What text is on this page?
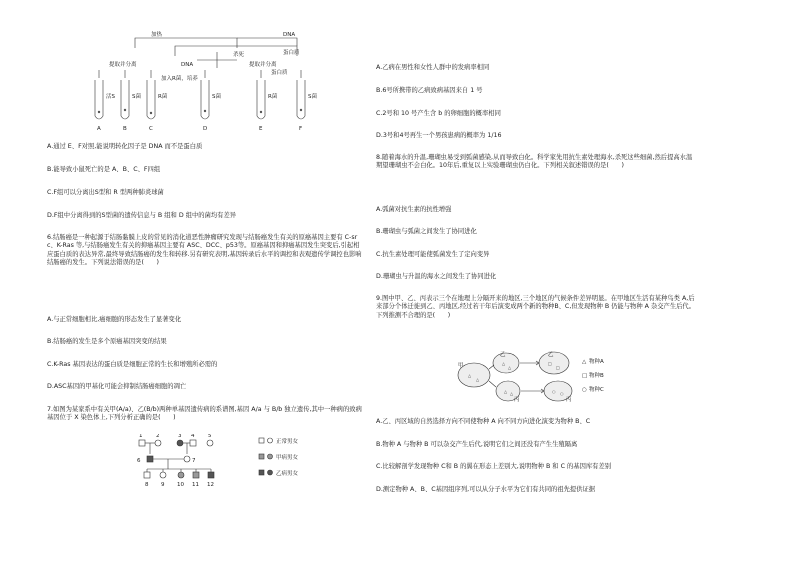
加热	DNA
杀死	蛋白质
提取并分离	提取并分离
DNA
蛋白质
活S	S菌	R菌	S菌	R菌	S菌
A	B	C	D	E	F
加入R菌，培养
A.通过 E、F对照,能说明转化因子是 DNA 而不是蛋白质
B.能导致小鼠死亡的是 A、B、C、F四组
C.F组可以分离出S型和 R 型两种肺炎球菌
D.F组中分离得到的S型菌的遗传信息与 B 组和 D 组中的菌均有差异
6.结肠癌是一种起源于结肠黏膜上皮的常见的消化道恶性肿瘤研究发现与结肠癌发生有关的原癌基因主要有 C-src、K-Ras 等,与结肠癌发生有关的抑癌基因主要有 ASC、DCC、p53等。原癌基因和抑癌基因发生突变后,引起相应蛋白质的表达异常,最终导致结肠癌的发生和转移.另有研究表明,基因转录后水平的调控和表观遗传学调控也影响结肠癌的发生。下列说法错误的是(　　)
A.与正常细胞相比,癌细胞的形态发生了显著变化
B.结肠癌的发生是多个原癌基因突变的结果
C.K-Ras 基因表达的蛋白质是细胞正常的生长和增殖所必需的
D.ASC基因的甲基化可能会抑制结肠癌细胞的凋亡
7.如图为某家系中有关甲(A/a)、乙(B/b)两种单基因遗传病的系谱图,基因 A/a 与 B/b 独立遗传,其中一种病的致病基因位于 X 染色体上,下列分析正确的是(　　)
1 2	3 4 5
6	7
8 9 10 11 12
正常男女
甲病男女
乙病男女
A.乙病在男性和女性人群中的发病率相同
B.6号所携带的乙病致病基因来自 1 号
C.2号和 10 号产生含 b 的卵细胞的概率相同
D.3号和4号再生一个男孩患病的概率为 1/16
8.随着海水的升温,珊瑚虫易受到弧菌感染,从而导致白化。科学家先用抗生素处理海水,杀死这些细菌,然后提高水温期望珊瑚虫不会白化。10年后,重复以上实验珊瑚虫仍白化。下列相关叙述错误的是(　　)
A.弧菌对抗生素的抗性增强
B.珊瑚虫与弧菌之间发生了协同进化
C.抗生素处理可能使弧菌发生了定向变异
D.珊瑚虫与升温的海水之间发生了协同进化
9.图中甲、乙、丙表示三个在地理上分隔开来的地区,三个地区的气候条件差异明显。在甲地区生活有某种鸟类 A,后来部分个体迁徙到乙、丙地区,经过若干年后演变成两个新的物种B、C,但发现物种 B 仍能与物种 A 杂交产生后代。下列推测不合理的是(　　)
△
△
△
△
△ △
□
□
○ ○
甲
乙	乙
丙	丙
△ 物种A
□ 物种B
○ 物种C
A.乙、丙区域的自然选择方向不同使物种 A 向不同方向进化演变为物种 B、C
B.物种 A 与物种 B 可以杂交产生后代,说明它们之间还没有产生生殖隔离
C.比较解剖学发现物种 C和 B 的翼在形态上差别大,说明物种 B 和 C 的基因库有差别
D.测定物种 A、B、C基因组序列,可以从分子水平为它们有共同的祖先提供证据
